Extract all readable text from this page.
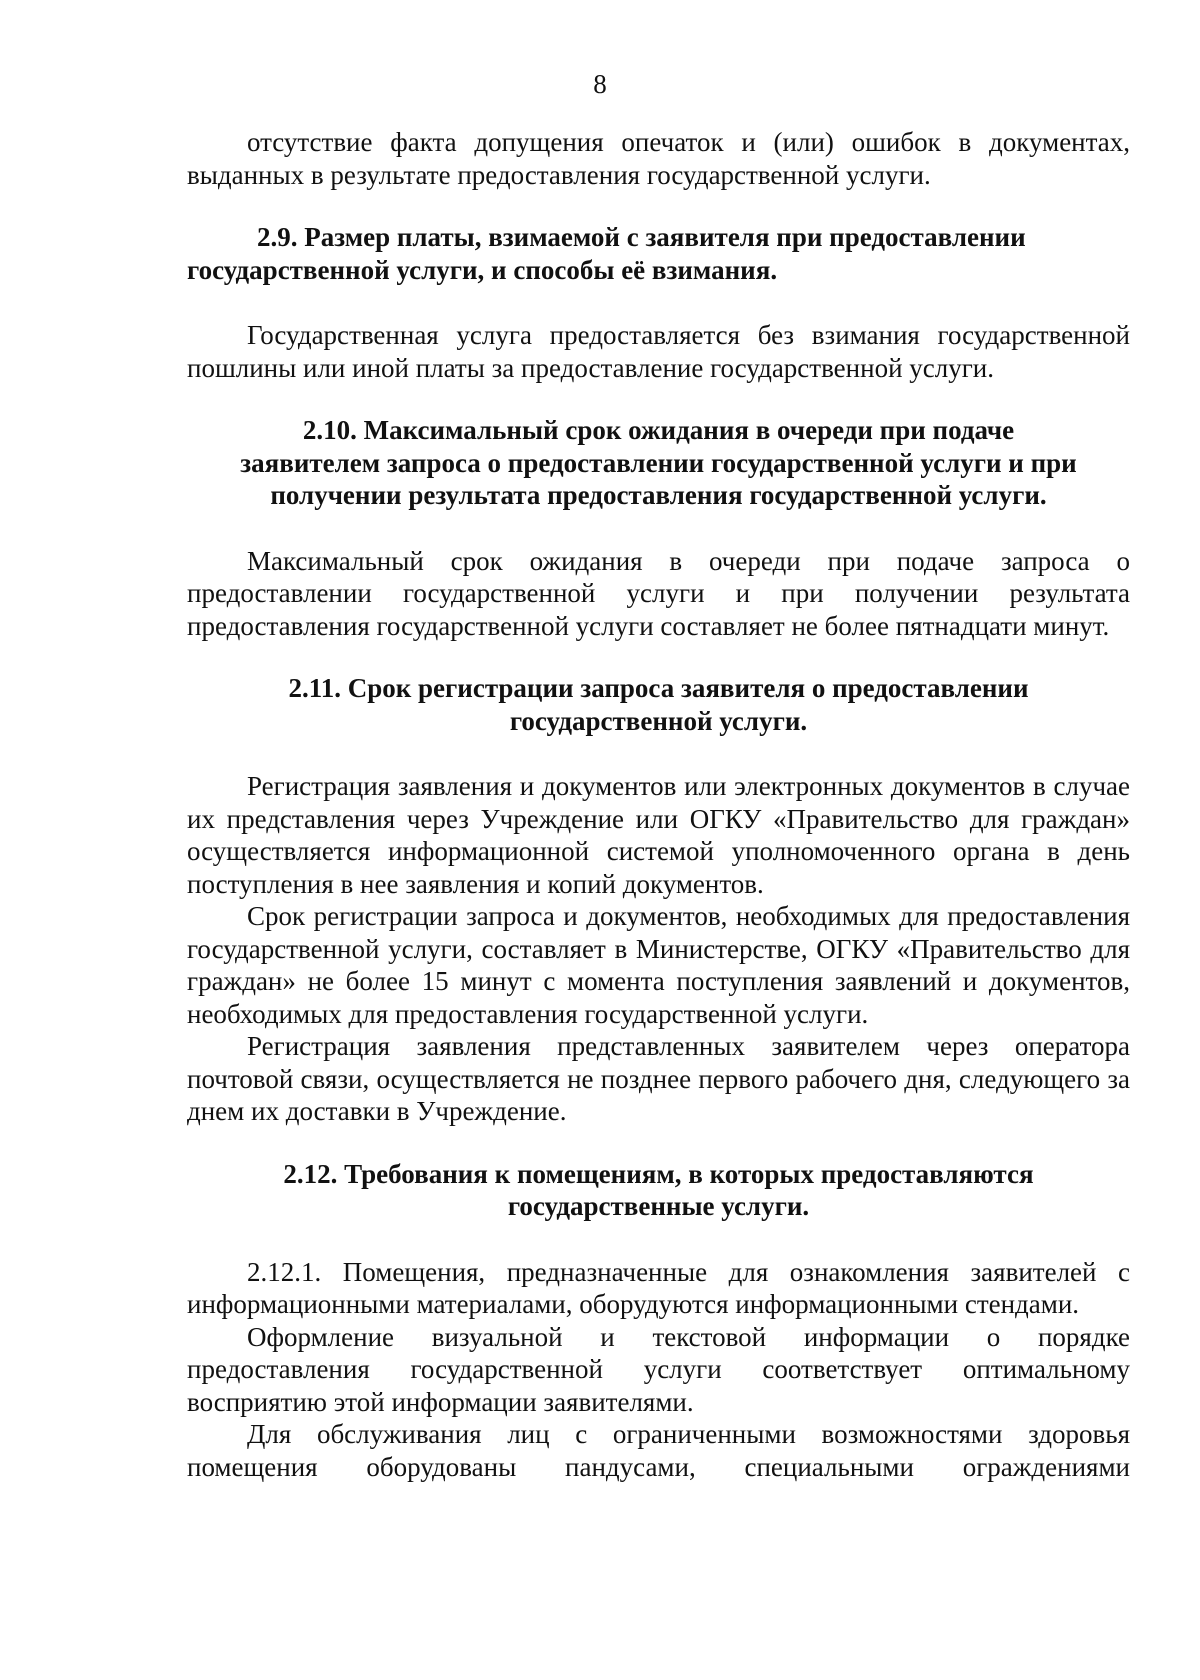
8

отсутствие факта допущения опечаток и (или) ошибок в документах, выданных в результате предоставления государственной услуги.

2.9. Размер платы, взимаемой с заявителя при предоставлении государственной услуги, и способы её взимания.

Государственная услуга предоставляется без взимания государственной пошлины или иной платы за предоставление государственной услуги.

2.10. Максимальный срок ожидания в очереди при подаче
заявителем запроса о предоставлении государственной услуги и при
получении результата предоставления государственной услуги.

Максимальный срок ожидания в очереди при подаче запроса о предоставлении государственной услуги и при получении результата предоставления государственной услуги составляет не более пятнадцати минут.

2.11. Срок регистрации запроса заявителя о предоставлении
государственной услуги.

Регистрация заявления и документов или электронных документов в случае их представления через Учреждение или ОГКУ «Правительство для граждан» осуществляется информационной системой уполномоченного органа в день поступления в нее заявления и копий документов.

Срок регистрации запроса и документов, необходимых для предоставления государственной услуги, составляет в Министерстве, ОГКУ «Правительство для граждан» не более 15 минут с момента поступления заявлений и документов, необходимых для предоставления государственной услуги.

Регистрация заявления представленных заявителем через оператора почтовой связи, осуществляется не позднее первого рабочего дня, следующего за днем их доставки в Учреждение.

2.12. Требования к помещениям, в которых предоставляются
государственные услуги.

2.12.1. Помещения, предназначенные для ознакомления заявителей с информационными материалами, оборудуются информационными стендами.

Оформление визуальной и текстовой информации о порядке предоставления государственной услуги соответствует оптимальному восприятию этой информации заявителями.

Для обслуживания лиц с ограниченными возможностями здоровья помещения оборудованы пандусами, специальными ограждениями
